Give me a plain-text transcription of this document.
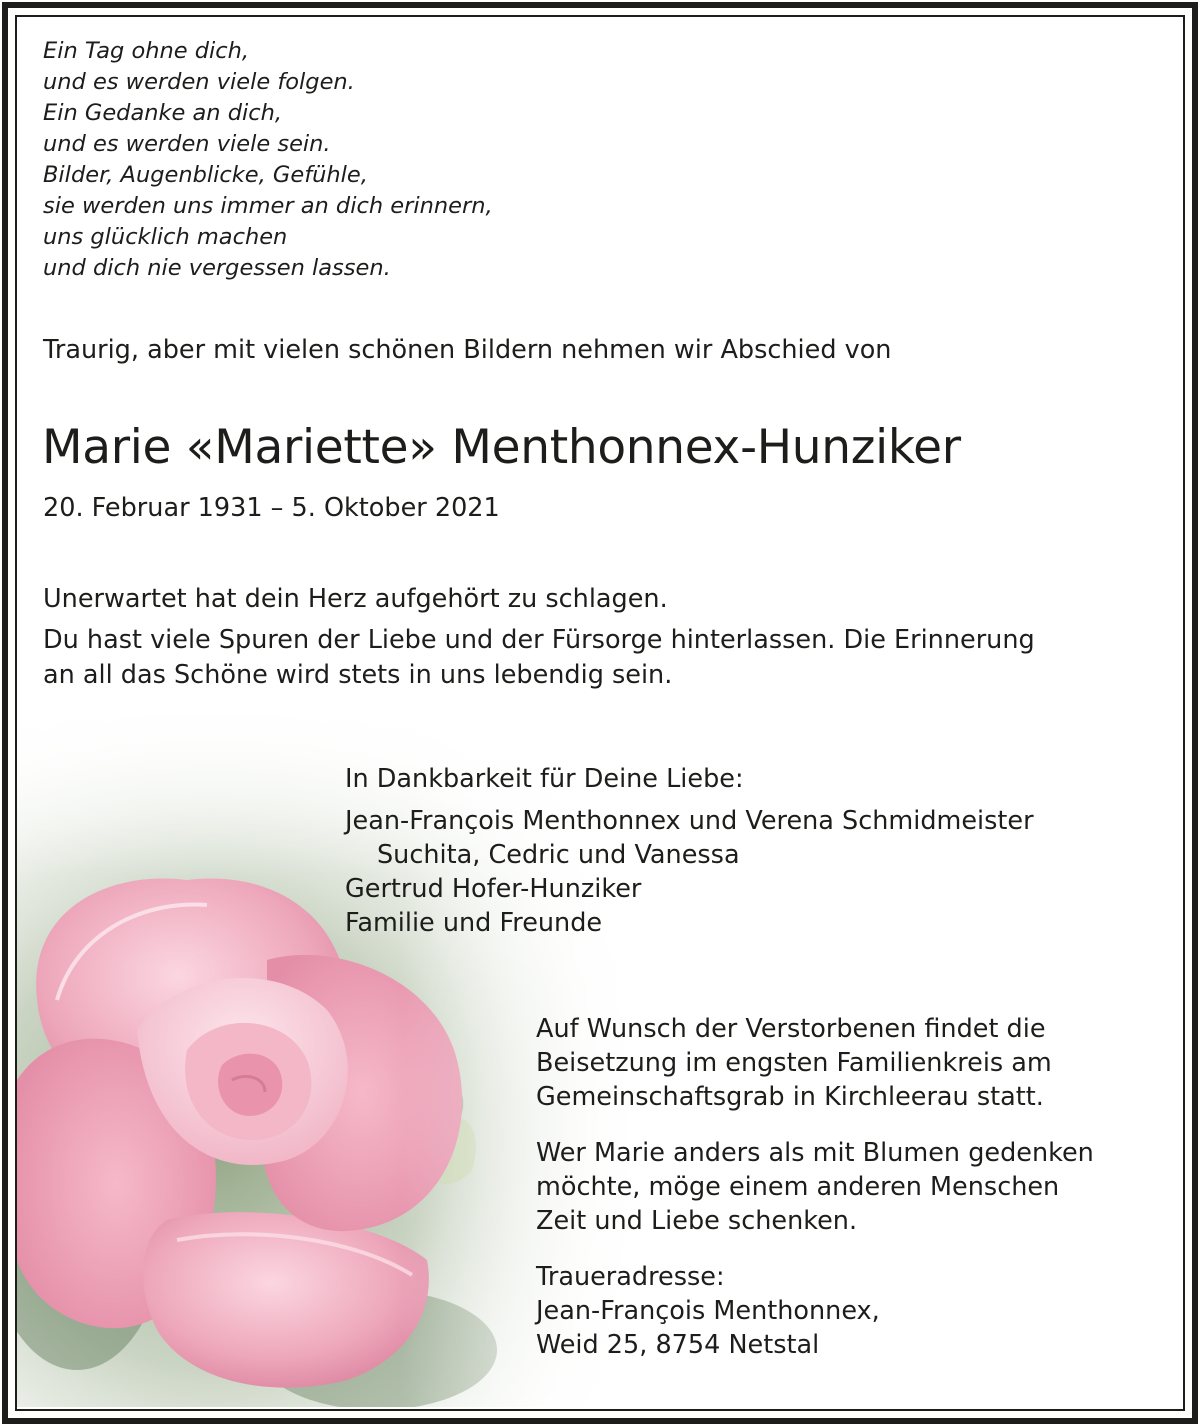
Ein Tag ohne dich,
und es werden viele folgen.
Ein Gedanke an dich,
und es werden viele sein.
Bilder, Augenblicke, Gefühle,
sie werden uns immer an dich erinnern,
uns glücklich machen
und dich nie vergessen lassen.
Traurig, aber mit vielen schönen Bildern nehmen wir Abschied von
Marie «Mariette» Menthonnex-Hunziker
20. Februar 1931 – 5. Oktober 2021
Unerwartet hat dein Herz aufgehört zu schlagen.
Du hast viele Spuren der Liebe und der Fürsorge hinterlassen. Die Erinnerung
an all das Schöne wird stets in uns lebendig sein.
In Dankbarkeit für Deine Liebe:
Jean-François Menthonnex und Verena Schmidmeister
Suchita, Cedric und Vanessa
Gertrud Hofer-Hunziker
Familie und Freunde
Auf Wunsch der Verstorbenen findet die
Beisetzung im engsten Familienkreis am
Gemeinschaftsgrab in Kirchleerau statt.
Wer Marie anders als mit Blumen gedenken
möchte, möge einem anderen Menschen
Zeit und Liebe schenken.
Traueradresse:
Jean-François Menthonnex,
Weid 25, 8754 Netstal
